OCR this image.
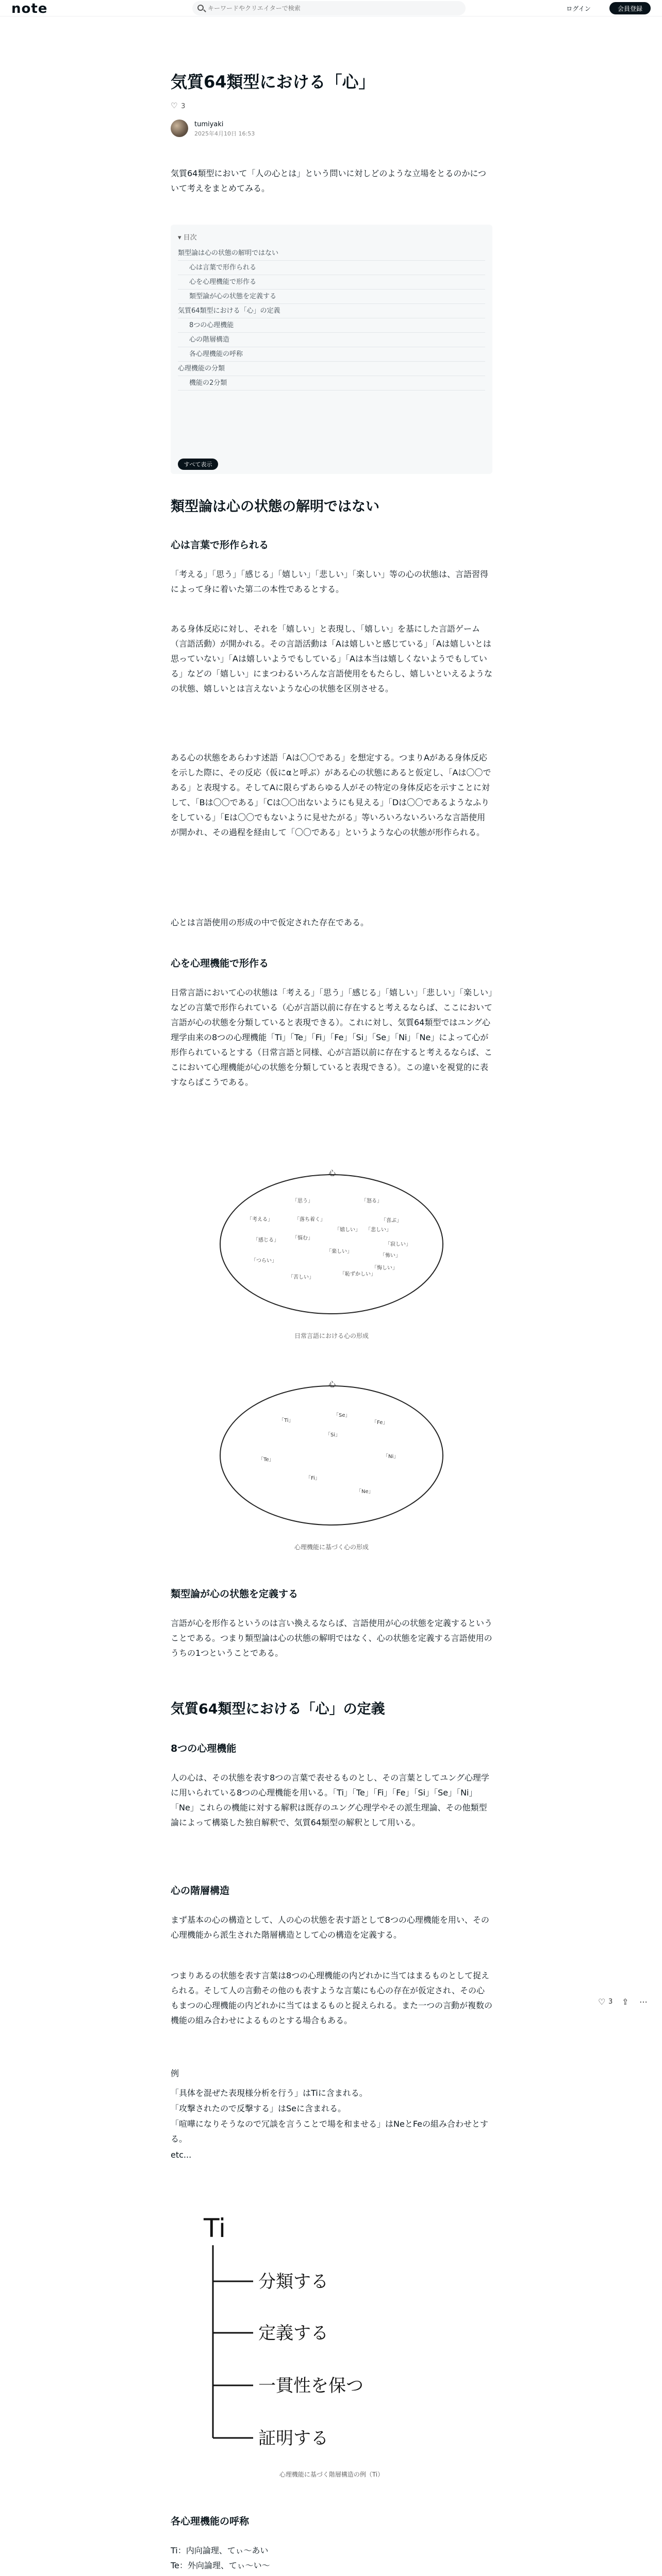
note
キーワードやクリエイターで検索	ログイン	会員登録
気質64類型における「心」
♡ 3
tumiyaki
2025年4月10日 16:53

気質64類型において「人の心とは」という問いに対しどのような立場をとるのかについて考えをまとめてみる。

▾ 目次
類型論は心の状態の解明ではない
心は言葉で形作られる
心を心理機能で形作る
類型論が心の状態を定義する
気質64類型における「心」の定義
8つの心理機能
心の階層構造
各心理機能の呼称
心理機能の分類
機能の2分類
すべて表示
類型論は心の状態の解明ではない
心は言葉で形作られる

「考える」「思う」「感じる」「嬉しい」「悲しい」「楽しい」等の心の状態は、言語習得によって身に着いた第二の本性であるとする。

ある身体反応に対し、それを「嬉しい」と表現し、「嬉しい」を基にした言語ゲーム（言語活動）が開かれる。その言語活動は「Aは嬉しいと感じている」「Aは嬉しいとは思っていない」「Aは嬉しいようでもしている」「Aは本当は嬉しくないようでもしている」などの「嬉しい」にまつわるいろんな言語使用をもたらし、嬉しいといえるようなの状態、嬉しいとは言えないような心の状態を区別させる。

ある心の状態をあらわす述語「Aは〇〇である」を想定する。つまりAがある身体反応を示した際に、その反応（仮にαと呼ぶ）がある心の状態にあると仮定し、「Aは〇〇である」と表現する。そしてAに限らずあらゆる人がその特定の身体反応を示すことに対して、「Bは〇〇である」「Cは〇〇出ないようにも見える」「Dは〇〇であるようなふりをしている」「Eは〇〇でもないように見せたがる」等いろいろないろいろな言語使用が開かれ、その過程を経由して「〇〇である」というような心の状態が形作られる。

心とは言語使用の形成の中で仮定された存在である。

心を心理機能で形作る

日常言語において心の状態は「考える」「思う」「感じる」「嬉しい」「悲しい」「楽しい」などの言葉で形作られている（心が言語以前に存在すると考えるならば、ここにおいて言語が心の状態を分類していると表現できる）。これに対し、気質64類型ではユング心理学由来の8つの心理機能「Ti」「Te」「Fi」「Fe」「Si」「Se」「Ni」「Ne」によって心が形作られているとする（日常言語と同様、心が言語以前に存在すると考えるならば、ここにおいて心理機能が心の状態を分類していると表現できる）。この違いを視覚的に表すならばこうである。

心
「思う」
「考える」
「怒る」
「喜ぶ」
「寂しい」
「悲しい」
「楽しい」
「嬉しい」
「つらい」
「苦しい」
「悩む」
「恥ずかしい」
「悔しい」
「落ち着く」
「感じる」
「怖い」
日常言語における心の形成
心
「Ti」
「Te」
「Fi」
「Fe」
「Si」
「Se」
「Ni」
「Ne」
心理機能に基づく心の形成
類型論が心の状態を定義する

言語が心を形作るというのは言い換えるならば、言語使用が心の状態を定義するということである。つまり類型論は心の状態の解明ではなく、心の状態を定義する言語使用のうちの1つということである。

気質64類型における「心」の定義
8つの心理機能

人の心は、その状態を表す8つの言葉で表せるものとし、その言葉としてユング心理学に用いられている8つの心理機能を用いる。「Ti」「Te」「Fi」「Fe」「Si」「Se」「Ni」「Ne」これらの機能に対する解釈は既存のユング心理学やその派生理論、その他類型論によって構築した独自解釈で、気質64類型の解釈として用いる。

心の階層構造

まず基本の心の構造として、人の心の状態を表す語として8つの心理機能を用い、その心理機能から派生された階層構造として心の構造を定義する。

つまりあるの状態を表す言葉は8つの心理機能の内どれかに当てはまるものとして捉えられる。そして人の言動その他のも表すような言葉にも心の存在が仮定され、その心もまつの心理機能の内どれかに当てはまるものと捉えられる。また一つの言動が複数の機能の組み合わせによるものとする場合もある。

例

「具体を混ぜた表現様分析を行う」はTiに含まれる。

「攻撃されたので反撃する」はSeに含まれる。

「喧嘩になりそうなので冗談を言うことで場を和ませる」はNeとFeの組み合わせとする。

etc...

Ti
分類する
定義する
一貫性を保つ
証明する
心理機能に基づく階層構造の例（Ti）
各心理機能の呼称

Ti：内向論理、てぃ〜あい

Te：外向論理、てぃ〜い〜

♡ 3 ⇪ ⋯
